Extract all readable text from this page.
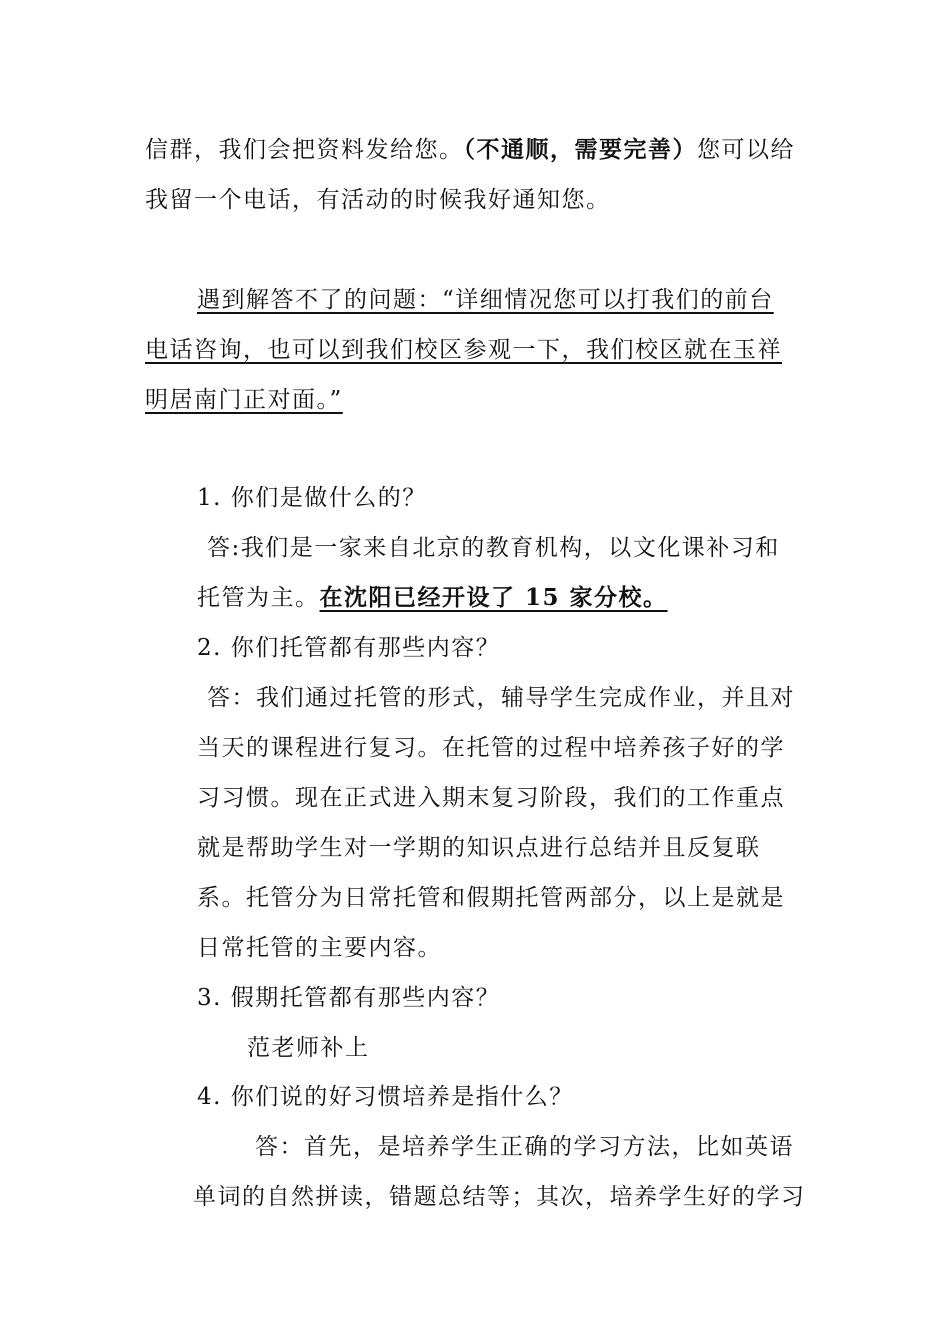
信群，我们会把资料发给您。（不通顺，需要完善）您可以给
我留一个电话，有活动的时候我好通知您。
遇到解答不了的问题：“详细情况您可以打我们的前台
电话咨询，也可以到我们校区参观一下，我们校区就在玉祥
明居南门正对面。”
1. 你们是做什么的？
答:我们是一家来自北京的教育机构，以文化课补习和
托管为主。在沈阳已经开设了 15 家分校。
2. 你们托管都有那些内容？
答：我们通过托管的形式，辅导学生完成作业，并且对
当天的课程进行复习。在托管的过程中培养孩子好的学
习习惯。现在正式进入期末复习阶段，我们的工作重点
就是帮助学生对一学期的知识点进行总结并且反复联
系。托管分为日常托管和假期托管两部分，以上是就是
日常托管的主要内容。
3. 假期托管都有那些内容？
范老师补上
4. 你们说的好习惯培养是指什么？
答：首先，是培养学生正确的学习方法，比如英语
单词的自然拼读，错题总结等；其次，培养学生好的学习
